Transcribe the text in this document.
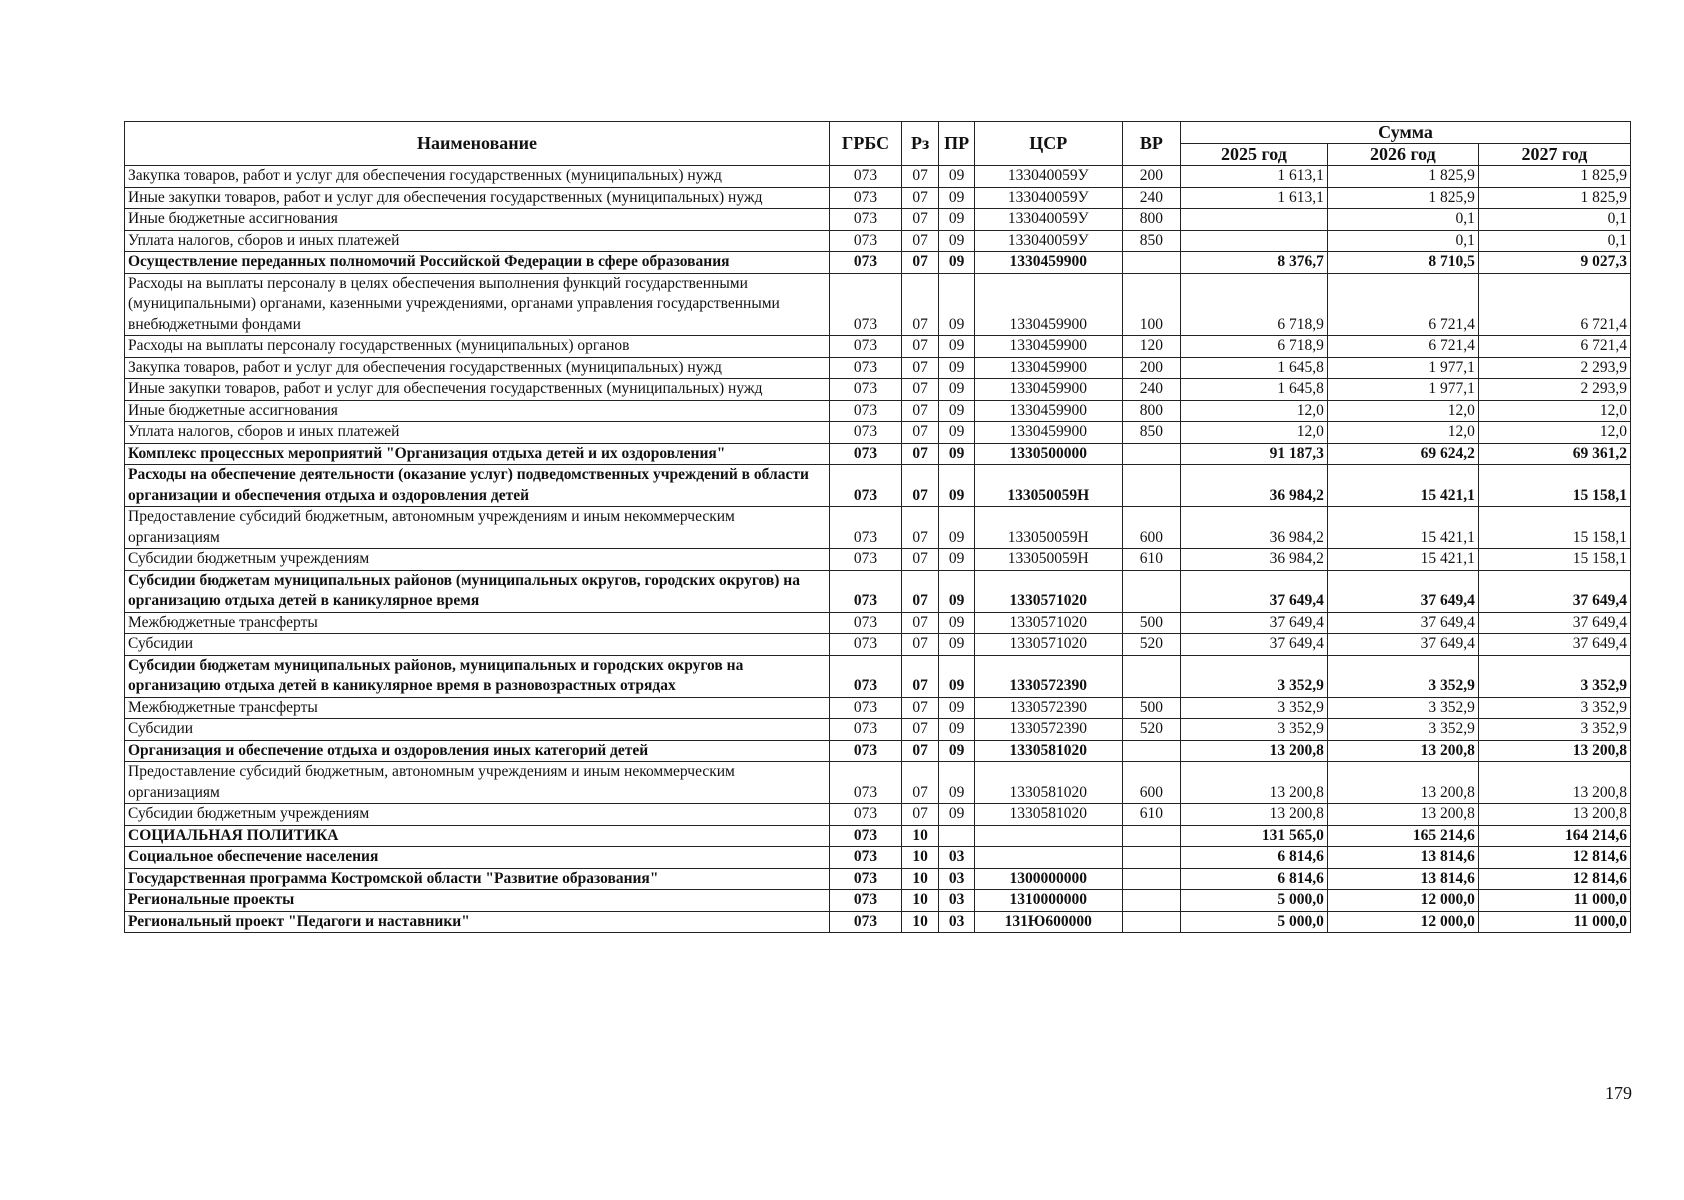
Наименование	ГРБС	Рз	ПР	ЦСР	ВР	Сумма		
						2025 год	2026 год	2027 год
Закупка товаров, работ и услуг для обеспечения государственных (муниципальных) нужд	073	07	09	133040059У	200	1 613,1	1 825,9	1 825,9
Иные закупки товаров, работ и услуг для обеспечения государственных (муниципальных) нужд	073	07	09	133040059У	240	1 613,1	1 825,9	1 825,9
Иные бюджетные ассигнования	073	07	09	133040059У	800		0,1	0,1
Уплата налогов, сборов и иных платежей	073	07	09	133040059У	850		0,1	0,1
Осуществление переданных полномочий Российской Федерации в сфере образования	073	07	09	1330459900		8 376,7	8 710,5	9 027,3
Расходы на выплаты персоналу в целях обеспечения выполнения функций государственными (муниципальными) органами, казенными учреждениями, органами управления государственными внебюджетными фондами	073	07	09	1330459900	100	6 718,9	6 721,4	6 721,4
Расходы на выплаты персоналу государственных (муниципальных) органов	073	07	09	1330459900	120	6 718,9	6 721,4	6 721,4
Закупка товаров, работ и услуг для обеспечения государственных (муниципальных) нужд	073	07	09	1330459900	200	1 645,8	1 977,1	2 293,9
Иные закупки товаров, работ и услуг для обеспечения государственных (муниципальных) нужд	073	07	09	1330459900	240	1 645,8	1 977,1	2 293,9
Иные бюджетные ассигнования	073	07	09	1330459900	800	12,0	12,0	12,0
Уплата налогов, сборов и иных платежей	073	07	09	1330459900	850	12,0	12,0	12,0
Комплекс процессных мероприятий "Организация отдыха детей и их оздоровления"	073	07	09	1330500000		91 187,3	69 624,2	69 361,2
Расходы на обеспечение деятельности (оказание услуг) подведомственных учреждений в области организации и обеспечения отдыха и оздоровления детей	073	07	09	133050059Н		36 984,2	15 421,1	15 158,1
Предоставление субсидий бюджетным, автономным учреждениям и иным некоммерческим организациям	073	07	09	133050059Н	600	36 984,2	15 421,1	15 158,1
Субсидии бюджетным учреждениям	073	07	09	133050059Н	610	36 984,2	15 421,1	15 158,1
Субсидии бюджетам муниципальных районов (муниципальных округов, городских округов) на организацию отдыха детей в каникулярное время	073	07	09	1330571020		37 649,4	37 649,4	37 649,4
Межбюджетные трансферты	073	07	09	1330571020	500	37 649,4	37 649,4	37 649,4
Субсидии	073	07	09	1330571020	520	37 649,4	37 649,4	37 649,4
Субсидии бюджетам муниципальных районов, муниципальных и городских округов на организацию отдыха детей в каникулярное время в разновозрастных отрядах	073	07	09	1330572390		3 352,9	3 352,9	3 352,9
Межбюджетные трансферты	073	07	09	1330572390	500	3 352,9	3 352,9	3 352,9
Субсидии	073	07	09	1330572390	520	3 352,9	3 352,9	3 352,9
Организация и обеспечение отдыха и оздоровления иных категорий детей	073	07	09	1330581020		13 200,8	13 200,8	13 200,8
Предоставление субсидий бюджетным, автономным учреждениям и иным некоммерческим организациям	073	07	09	1330581020	600	13 200,8	13 200,8	13 200,8
Субсидии бюджетным учреждениям	073	07	09	1330581020	610	13 200,8	13 200,8	13 200,8
СОЦИАЛЬНАЯ ПОЛИТИКА	073	10				131 565,0	165 214,6	164 214,6
Социальное обеспечение населения	073	10	03			6 814,6	13 814,6	12 814,6
Государственная программа Костромской области "Развитие образования"	073	10	03	1300000000		6 814,6	13 814,6	12 814,6
Региональные проекты	073	10	03	1310000000		5 000,0	12 000,0	11 000,0
Региональный проект "Педагоги и наставники"	073	10	03	131Ю600000		5 000,0	12 000,0	11 000,0
179
